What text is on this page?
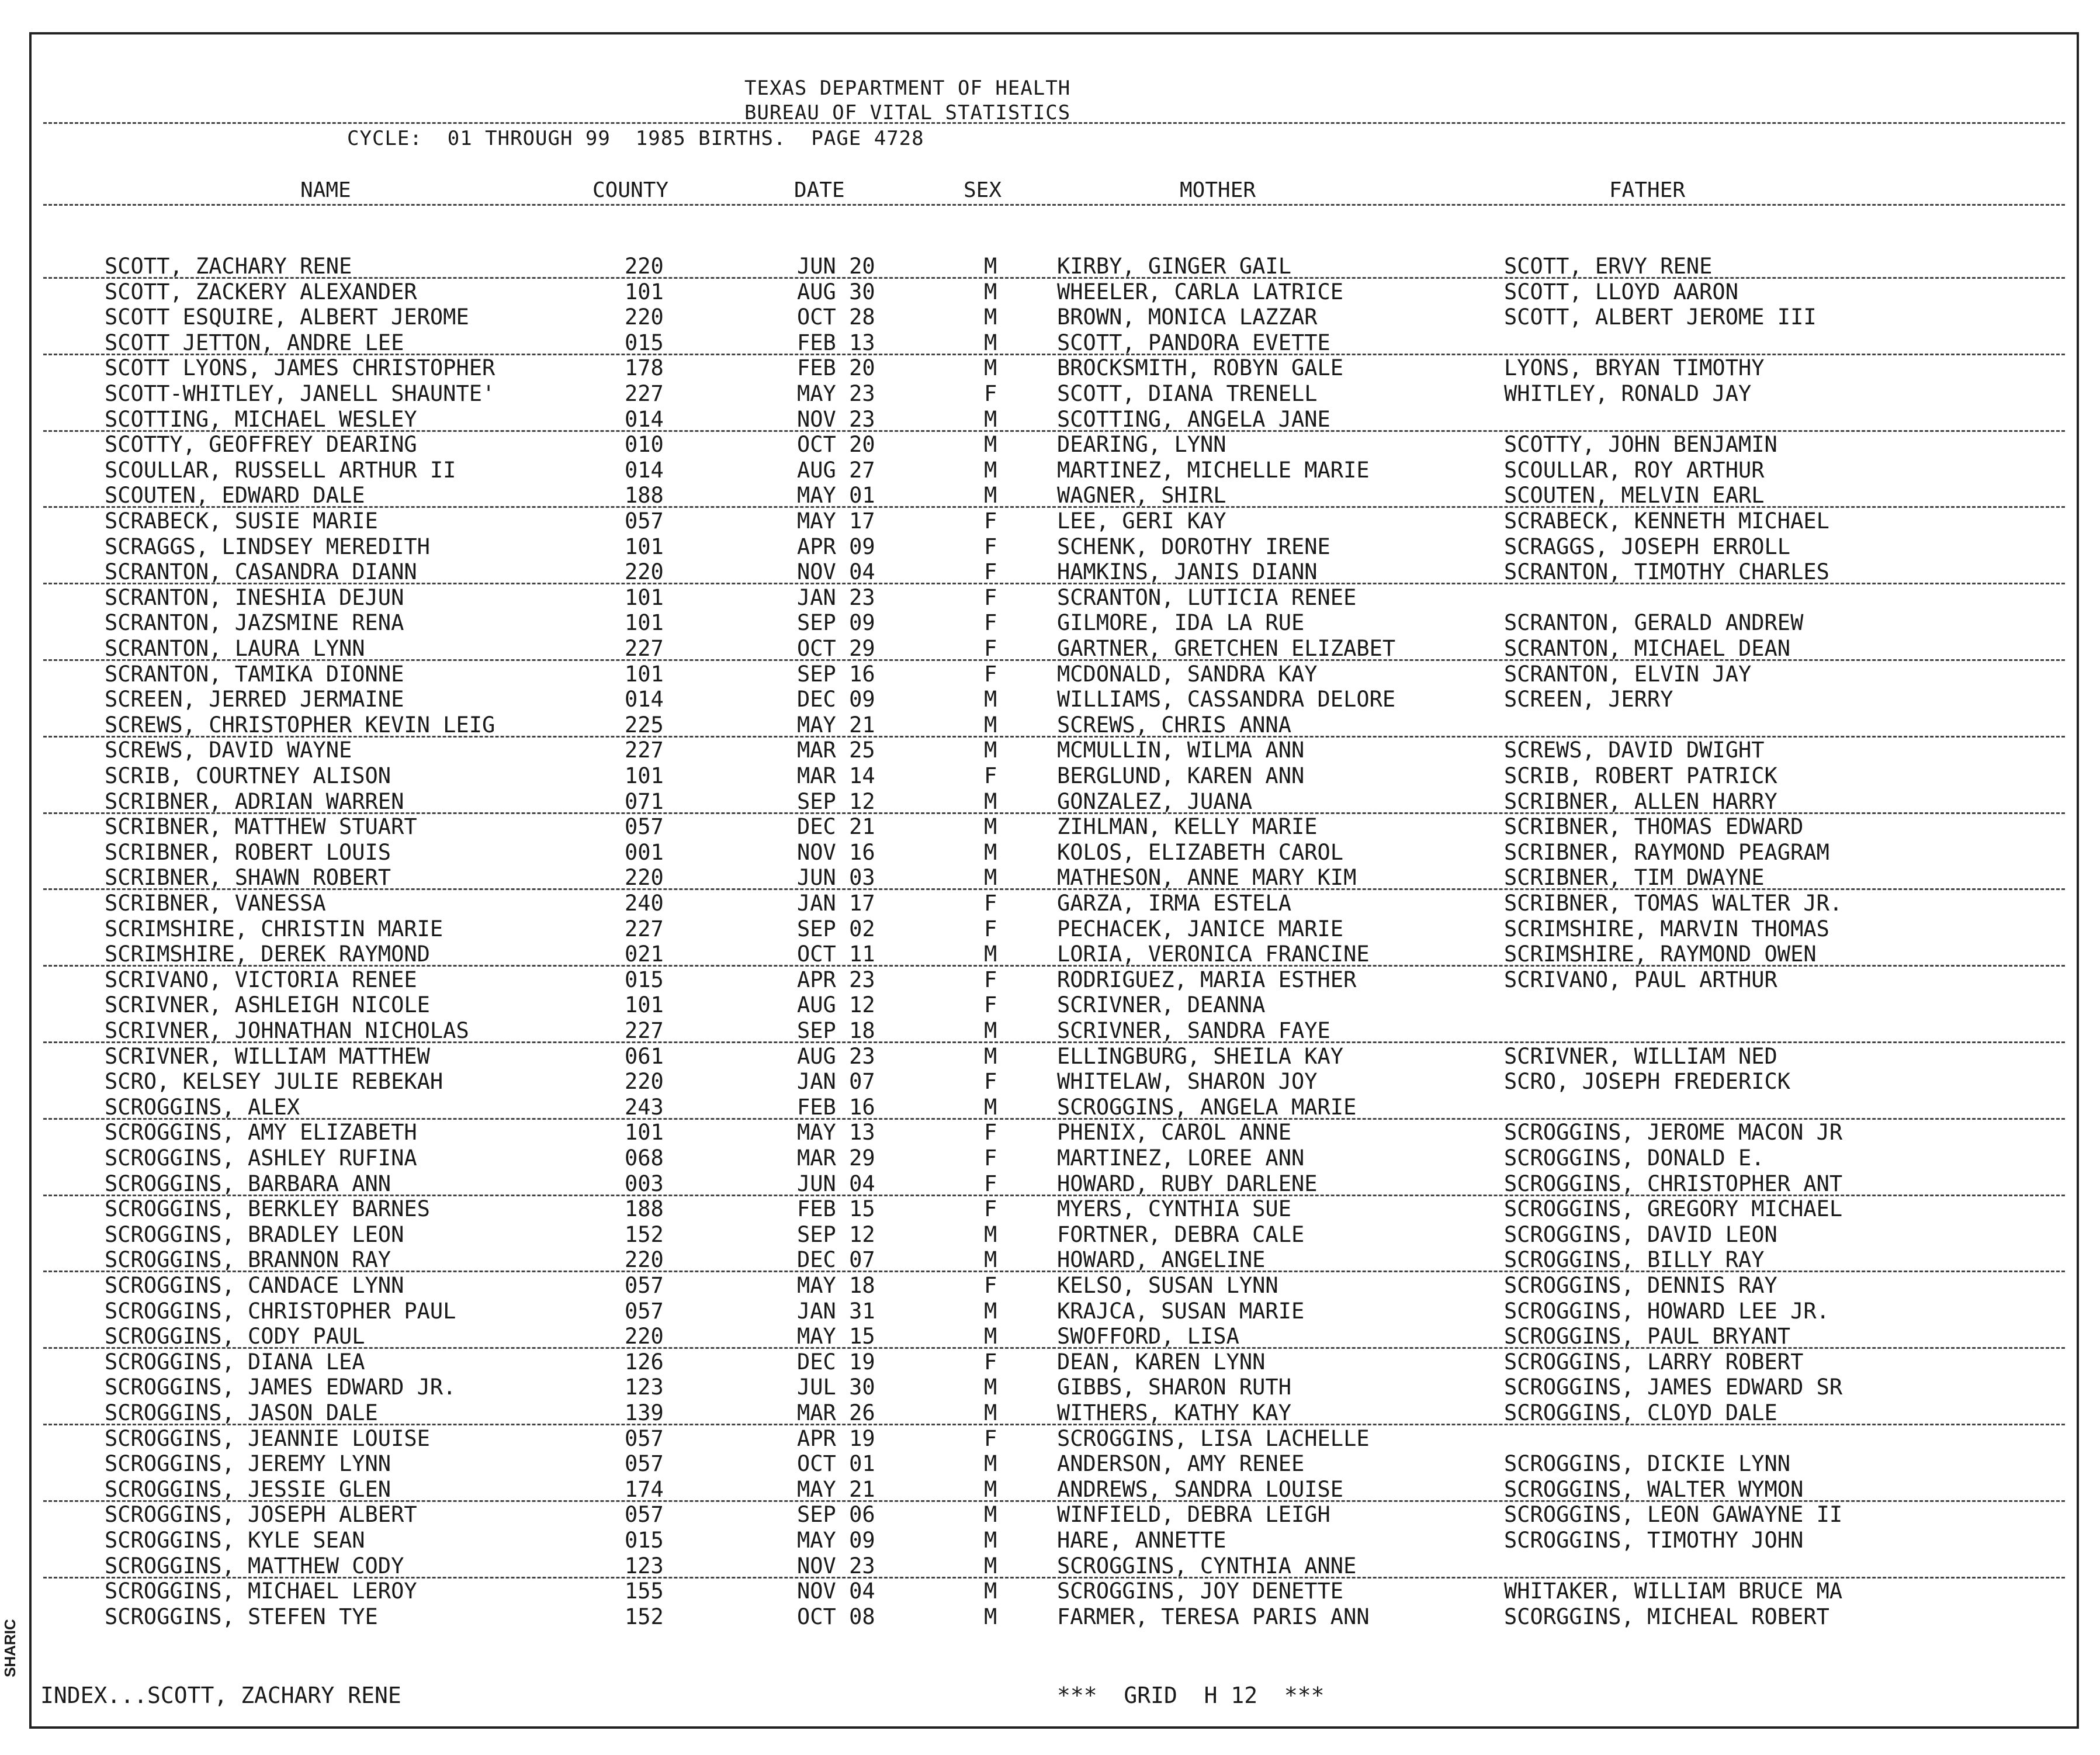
TEXAS DEPARTMENT OF HEALTH
BUREAU OF VITAL STATISTICS
CYCLE:  01 THROUGH 99  1985 BIRTHS.  PAGE 4728
NAME	COUNTY	DATE	SEX	MOTHER	FATHER
SCOTT, ZACHARY RENE	220	JUN 20	M	KIRBY, GINGER GAIL	SCOTT, ERVY RENE
SCOTT, ZACKERY ALEXANDER	101	AUG 30	M	WHEELER, CARLA LATRICE	SCOTT, LLOYD AARON
SCOTT ESQUIRE, ALBERT JEROME	220	OCT 28	M	BROWN, MONICA LAZZAR	SCOTT, ALBERT JEROME III
SCOTT JETTON, ANDRE LEE	015	FEB 13	M	SCOTT, PANDORA EVETTE
SCOTT LYONS, JAMES CHRISTOPHER	178	FEB 20	M	BROCKSMITH, ROBYN GALE	LYONS, BRYAN TIMOTHY
SCOTT-WHITLEY, JANELL SHAUNTE'	227	MAY 23	F	SCOTT, DIANA TRENELL	WHITLEY, RONALD JAY
SCOTTING, MICHAEL WESLEY	014	NOV 23	M	SCOTTING, ANGELA JANE
SCOTTY, GEOFFREY DEARING	010	OCT 20	M	DEARING, LYNN	SCOTTY, JOHN BENJAMIN
SCOULLAR, RUSSELL ARTHUR II	014	AUG 27	M	MARTINEZ, MICHELLE MARIE	SCOULLAR, ROY ARTHUR
SCOUTEN, EDWARD DALE	188	MAY 01	M	WAGNER, SHIRL	SCOUTEN, MELVIN EARL
SCRABECK, SUSIE MARIE	057	MAY 17	F	LEE, GERI KAY	SCRABECK, KENNETH MICHAEL
SCRAGGS, LINDSEY MEREDITH	101	APR 09	F	SCHENK, DOROTHY IRENE	SCRAGGS, JOSEPH ERROLL
SCRANTON, CASANDRA DIANN	220	NOV 04	F	HAMKINS, JANIS DIANN	SCRANTON, TIMOTHY CHARLES
SCRANTON, INESHIA DEJUN	101	JAN 23	F	SCRANTON, LUTICIA RENEE
SCRANTON, JAZSMINE RENA	101	SEP 09	F	GILMORE, IDA LA RUE	SCRANTON, GERALD ANDREW
SCRANTON, LAURA LYNN	227	OCT 29	F	GARTNER, GRETCHEN ELIZABET	SCRANTON, MICHAEL DEAN
SCRANTON, TAMIKA DIONNE	101	SEP 16	F	MCDONALD, SANDRA KAY	SCRANTON, ELVIN JAY
SCREEN, JERRED JERMAINE	014	DEC 09	M	WILLIAMS, CASSANDRA DELORE	SCREEN, JERRY
SCREWS, CHRISTOPHER KEVIN LEIG	225	MAY 21	M	SCREWS, CHRIS ANNA
SCREWS, DAVID WAYNE	227	MAR 25	M	MCMULLIN, WILMA ANN	SCREWS, DAVID DWIGHT
SCRIB, COURTNEY ALISON	101	MAR 14	F	BERGLUND, KAREN ANN	SCRIB, ROBERT PATRICK
SCRIBNER, ADRIAN WARREN	071	SEP 12	M	GONZALEZ, JUANA	SCRIBNER, ALLEN HARRY
SCRIBNER, MATTHEW STUART	057	DEC 21	M	ZIHLMAN, KELLY MARIE	SCRIBNER, THOMAS EDWARD
SCRIBNER, ROBERT LOUIS	001	NOV 16	M	KOLOS, ELIZABETH CAROL	SCRIBNER, RAYMOND PEAGRAM
SCRIBNER, SHAWN ROBERT	220	JUN 03	M	MATHESON, ANNE MARY KIM	SCRIBNER, TIM DWAYNE
SCRIBNER, VANESSA	240	JAN 17	F	GARZA, IRMA ESTELA	SCRIBNER, TOMAS WALTER JR.
SCRIMSHIRE, CHRISTIN MARIE	227	SEP 02	F	PECHACEK, JANICE MARIE	SCRIMSHIRE, MARVIN THOMAS
SCRIMSHIRE, DEREK RAYMOND	021	OCT 11	M	LORIA, VERONICA FRANCINE	SCRIMSHIRE, RAYMOND OWEN
SCRIVANO, VICTORIA RENEE	015	APR 23	F	RODRIGUEZ, MARIA ESTHER	SCRIVANO, PAUL ARTHUR
SCRIVNER, ASHLEIGH NICOLE	101	AUG 12	F	SCRIVNER, DEANNA
SCRIVNER, JOHNATHAN NICHOLAS	227	SEP 18	M	SCRIVNER, SANDRA FAYE
SCRIVNER, WILLIAM MATTHEW	061	AUG 23	M	ELLINGBURG, SHEILA KAY	SCRIVNER, WILLIAM NED
SCRO, KELSEY JULIE REBEKAH	220	JAN 07	F	WHITELAW, SHARON JOY	SCRO, JOSEPH FREDERICK
SCROGGINS, ALEX	243	FEB 16	M	SCROGGINS, ANGELA MARIE
SCROGGINS, AMY ELIZABETH	101	MAY 13	F	PHENIX, CAROL ANNE	SCROGGINS, JEROME MACON JR
SCROGGINS, ASHLEY RUFINA	068	MAR 29	F	MARTINEZ, LOREE ANN	SCROGGINS, DONALD E.
SCROGGINS, BARBARA ANN	003	JUN 04	F	HOWARD, RUBY DARLENE	SCROGGINS, CHRISTOPHER ANT
SCROGGINS, BERKLEY BARNES	188	FEB 15	F	MYERS, CYNTHIA SUE	SCROGGINS, GREGORY MICHAEL
SCROGGINS, BRADLEY LEON	152	SEP 12	M	FORTNER, DEBRA CALE	SCROGGINS, DAVID LEON
SCROGGINS, BRANNON RAY	220	DEC 07	M	HOWARD, ANGELINE	SCROGGINS, BILLY RAY
SCROGGINS, CANDACE LYNN	057	MAY 18	F	KELSO, SUSAN LYNN	SCROGGINS, DENNIS RAY
SCROGGINS, CHRISTOPHER PAUL	057	JAN 31	M	KRAJCA, SUSAN MARIE	SCROGGINS, HOWARD LEE JR.
SCROGGINS, CODY PAUL	220	MAY 15	M	SWOFFORD, LISA	SCROGGINS, PAUL BRYANT
SCROGGINS, DIANA LEA	126	DEC 19	F	DEAN, KAREN LYNN	SCROGGINS, LARRY ROBERT
SCROGGINS, JAMES EDWARD JR.	123	JUL 30	M	GIBBS, SHARON RUTH	SCROGGINS, JAMES EDWARD SR
SCROGGINS, JASON DALE	139	MAR 26	M	WITHERS, KATHY KAY	SCROGGINS, CLOYD DALE
SCROGGINS, JEANNIE LOUISE	057	APR 19	F	SCROGGINS, LISA LACHELLE
SCROGGINS, JEREMY LYNN	057	OCT 01	M	ANDERSON, AMY RENEE	SCROGGINS, DICKIE LYNN
SCROGGINS, JESSIE GLEN	174	MAY 21	M	ANDREWS, SANDRA LOUISE	SCROGGINS, WALTER WYMON
SCROGGINS, JOSEPH ALBERT	057	SEP 06	M	WINFIELD, DEBRA LEIGH	SCROGGINS, LEON GAWAYNE II
SCROGGINS, KYLE SEAN	015	MAY 09	M	HARE, ANNETTE	SCROGGINS, TIMOTHY JOHN
SCROGGINS, MATTHEW CODY	123	NOV 23	M	SCROGGINS, CYNTHIA ANNE
SCROGGINS, MICHAEL LEROY	155	NOV 04	M	SCROGGINS, JOY DENETTE	WHITAKER, WILLIAM BRUCE MA
SCROGGINS, STEFEN TYE	152	OCT 08	M	FARMER, TERESA PARIS ANN	SCORGGINS, MICHEAL ROBERT
INDEX...SCOTT, ZACHARY RENE	***  GRID  H 12  ***
SHARIC
